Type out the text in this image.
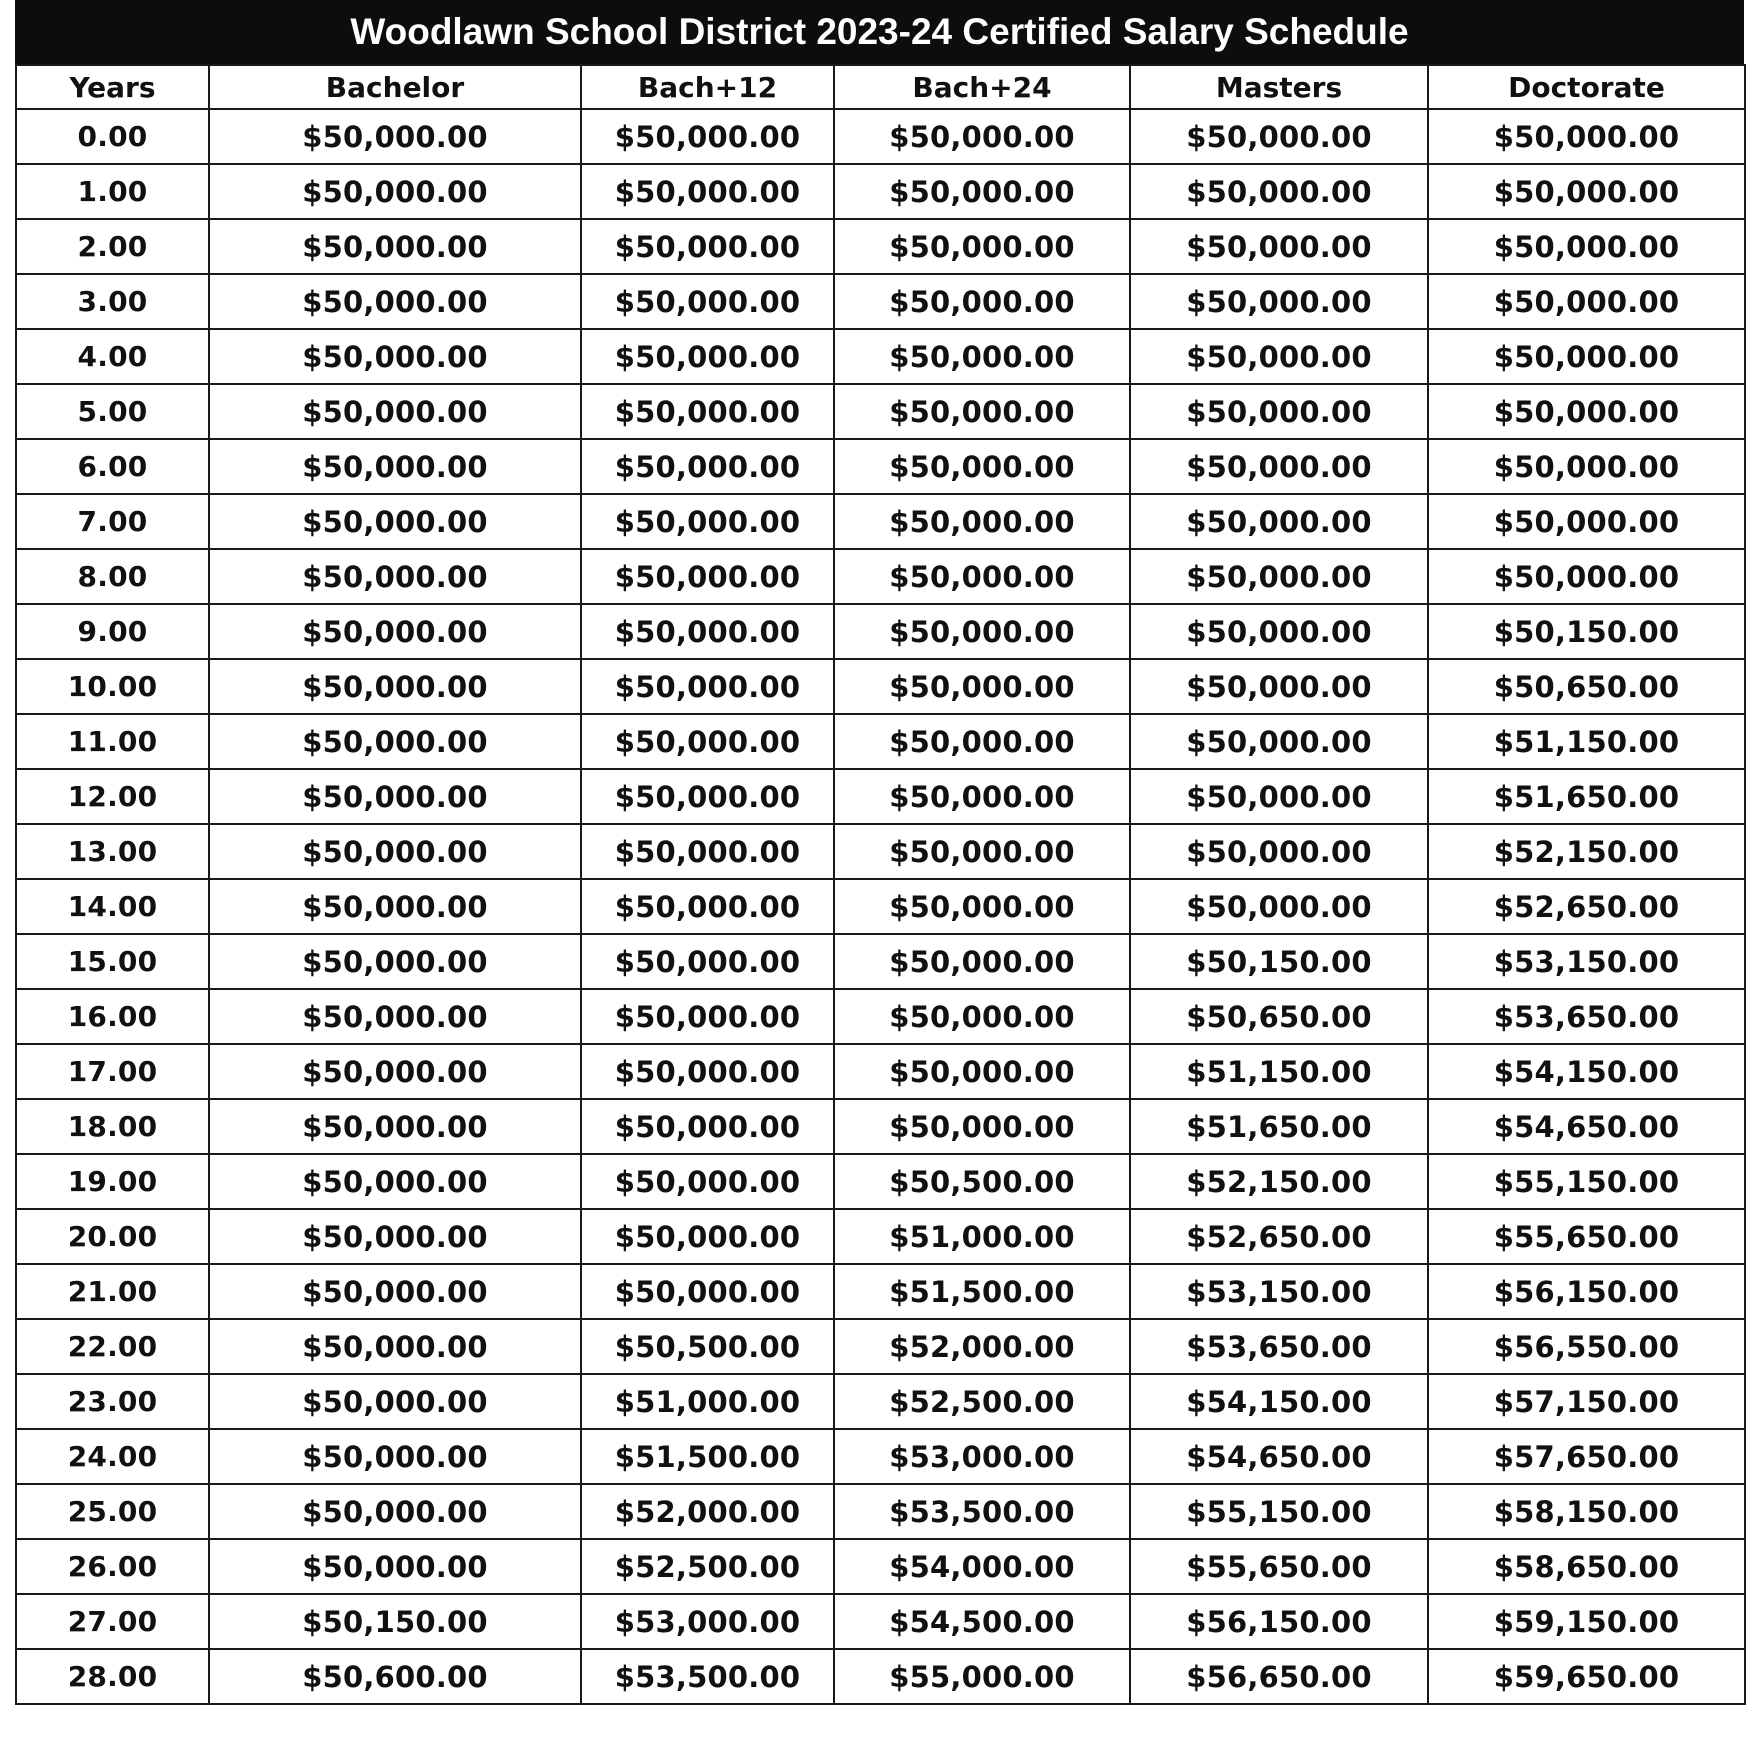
Woodlawn School District 2023-24 Certified Salary Schedule
Years	Bachelor	Bach+12	Bach+24	Masters	Doctorate
0.00	$50,000.00	$50,000.00	$50,000.00	$50,000.00	$50,000.00
1.00	$50,000.00	$50,000.00	$50,000.00	$50,000.00	$50,000.00
2.00	$50,000.00	$50,000.00	$50,000.00	$50,000.00	$50,000.00
3.00	$50,000.00	$50,000.00	$50,000.00	$50,000.00	$50,000.00
4.00	$50,000.00	$50,000.00	$50,000.00	$50,000.00	$50,000.00
5.00	$50,000.00	$50,000.00	$50,000.00	$50,000.00	$50,000.00
6.00	$50,000.00	$50,000.00	$50,000.00	$50,000.00	$50,000.00
7.00	$50,000.00	$50,000.00	$50,000.00	$50,000.00	$50,000.00
8.00	$50,000.00	$50,000.00	$50,000.00	$50,000.00	$50,000.00
9.00	$50,000.00	$50,000.00	$50,000.00	$50,000.00	$50,150.00
10.00	$50,000.00	$50,000.00	$50,000.00	$50,000.00	$50,650.00
11.00	$50,000.00	$50,000.00	$50,000.00	$50,000.00	$51,150.00
12.00	$50,000.00	$50,000.00	$50,000.00	$50,000.00	$51,650.00
13.00	$50,000.00	$50,000.00	$50,000.00	$50,000.00	$52,150.00
14.00	$50,000.00	$50,000.00	$50,000.00	$50,000.00	$52,650.00
15.00	$50,000.00	$50,000.00	$50,000.00	$50,150.00	$53,150.00
16.00	$50,000.00	$50,000.00	$50,000.00	$50,650.00	$53,650.00
17.00	$50,000.00	$50,000.00	$50,000.00	$51,150.00	$54,150.00
18.00	$50,000.00	$50,000.00	$50,000.00	$51,650.00	$54,650.00
19.00	$50,000.00	$50,000.00	$50,500.00	$52,150.00	$55,150.00
20.00	$50,000.00	$50,000.00	$51,000.00	$52,650.00	$55,650.00
21.00	$50,000.00	$50,000.00	$51,500.00	$53,150.00	$56,150.00
22.00	$50,000.00	$50,500.00	$52,000.00	$53,650.00	$56,550.00
23.00	$50,000.00	$51,000.00	$52,500.00	$54,150.00	$57,150.00
24.00	$50,000.00	$51,500.00	$53,000.00	$54,650.00	$57,650.00
25.00	$50,000.00	$52,000.00	$53,500.00	$55,150.00	$58,150.00
26.00	$50,000.00	$52,500.00	$54,000.00	$55,650.00	$58,650.00
27.00	$50,150.00	$53,000.00	$54,500.00	$56,150.00	$59,150.00
28.00	$50,600.00	$53,500.00	$55,000.00	$56,650.00	$59,650.00
